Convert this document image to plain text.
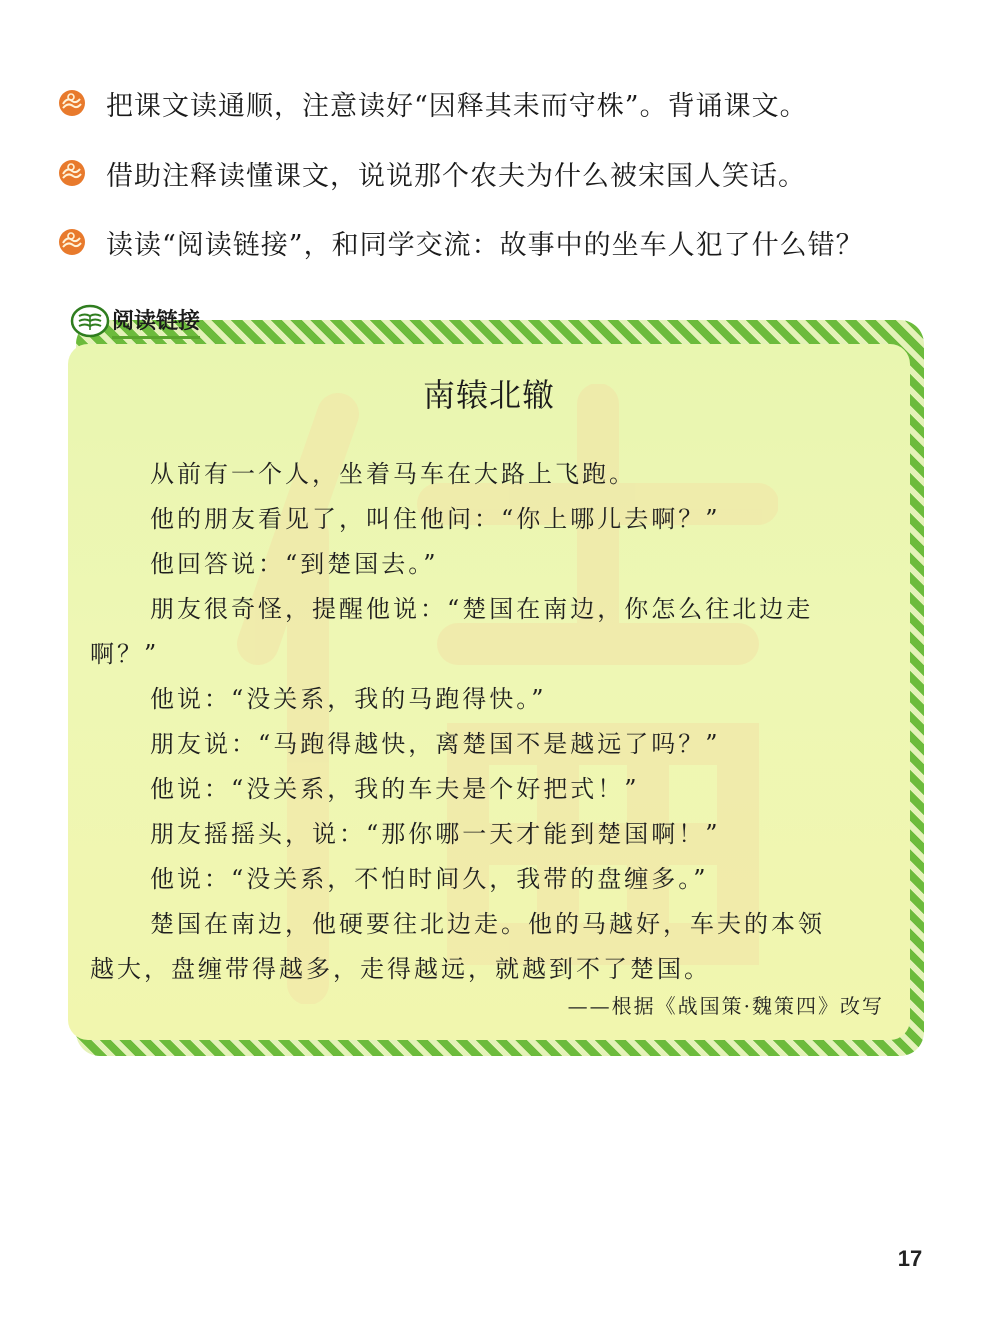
把课文读通顺，注意读好“因释其耒而守株”。背诵课文。
借助注释读懂课文，说说那个农夫为什么被宋国人笑话。
读读“阅读链接”，和同学交流：故事中的坐车人犯了什么错？
南辕北辙
从前有一个人，坐着马车在大路上飞跑。
他的朋友看见了，叫住他问：“你上哪儿去啊？”
他回答说：“到楚国去。”
朋友很奇怪，提醒他说：“楚国在南边，你怎么往北边走
啊？”
他说：“没关系，我的马跑得快。”
朋友说：“马跑得越快，离楚国不是越远了吗？”
他说：“没关系，我的车夫是个好把式！”
朋友摇摇头，说：“那你哪一天才能到楚国啊！”
他说：“没关系，不怕时间久，我带的盘缠多。”
楚国在南边，他硬要往北边走。他的马越好，车夫的本领
越大，盘缠带得越多，走得越远，就越到不了楚国。
——根据《战国策·魏策四》改写
阅读链接
17
